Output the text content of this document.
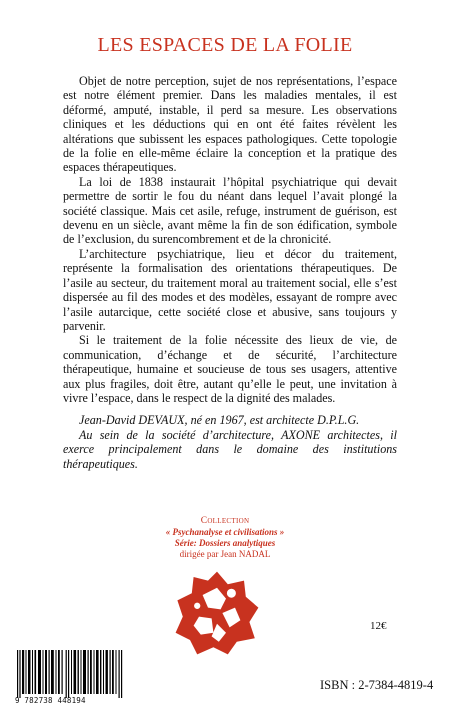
LES ESPACES DE LA FOLIE

Objet de notre perception, sujet de nos représentations, l’espace est notre élément premier. Dans les maladies mentales, il est déformé, amputé, instable, il perd sa mesure. Les observations cliniques et les déductions qui en ont été faites révèlent les altérations que subissent les espaces pathologiques. Cette topologie de la folie en elle-même éclaire la conception et la pratique des espaces thérapeutiques.

La loi de 1838 instaurait l’hôpital psychiatrique qui devait permettre de sortir le fou du néant dans lequel l’avait plongé la société classique. Mais cet asile, refuge, instrument de guérison, est devenu en un siècle, avant même la fin de son édification, symbole de l’exclusion, du surencombrement et de la chronicité.

L’architecture psychiatrique, lieu et décor du traitement, représente la formalisation des orientations thérapeutiques. De l’asile au secteur, du traitement moral au traitement social, elle s’est dispersée au fil des modes et des modèles, essayant de rompre avec l’asile autarcique, cette société close et abusive, sans toujours y parvenir.

Si le traitement de la folie nécessite des lieux de vie, de communication, d’échange et de sécurité, l’architecture thérapeutique, humaine et soucieuse de tous ses usagers, attentive aux plus fragiles, doit être, autant qu’elle le peut, une invitation à vivre l’espace, dans le respect de la dignité des malades.

Jean-David DEVAUX, né en 1967, est architecte D.P.L.G.

Au sein de la société d’architecture, AXONE architectes, il exerce principalement dans le domaine des institutions thérapeutiques.

Collection
« Psychanalyse et civilisations »
Série: Dossiers analytiques
dirigée par Jean NADAL
12€
9 782738 448194
ISBN : 2-7384-4819-4
